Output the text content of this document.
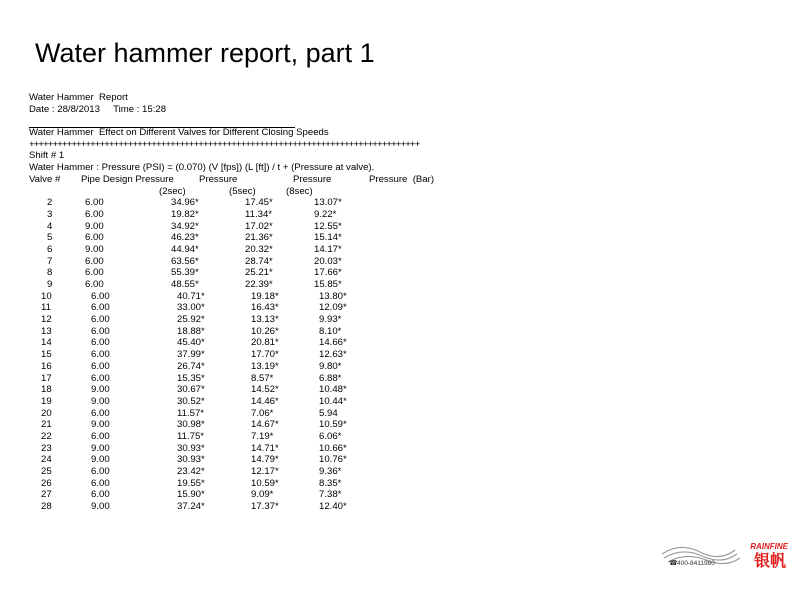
Water hammer report, part 1
Water Hammer  Report
Date : 28/8/2013     Time : 15:28
Water Hammer  Effect on Different Valves for Different Closing Speeds
+++++++++++++++++++++++++++++++++++++++++++++++++++++++++++++++++++++++++++++++++++
Shift # 1
Water Hammer : Pressure (PSI) = (0.070) (V [fps]) (L [ft]) / t + (Pressure at valve).
Valve # Pipe Design Pressure	Pressure	Pressure	Pressure  (Bar)
(2sec)	(5sec)	(8sec)
2	6.00	34.96*	17.45*	13.07*
3	6.00	19.82*	11.34*	9.22*
4	9.00	34.92*	17.02*	12.55*
5	6.00	46.23*	21.36*	15.14*
6	9.00	44.94*	20.32*	14.17*
7	6.00	63.56*	28.74*	20.03*
8	6.00	55.39*	25.21*	17.66*
9	6.00	48.55*	22.39*	15.85*
10	6.00	40.71*	19.18*	13.80*
11	6.00	33.00*	16.43*	12.09*
12	6.00	25.92*	13.13*	9.93*
13	6.00	18.88*	10.26*	8.10*
14	6.00	45.40*	20.81*	14.66*
15	6.00	37.99*	17.70*	12.63*
16	6.00	26.74*	13.19*	9.80*
17	6.00	15.35*	8.57*	6.88*
18	9.00	30.67*	14.52*	10.48*
19	9.00	30.52*	14.46*	10.44*
20	6.00	11.57*	7.06*	5.94
21	9.00	30.98*	14.67*	10.59*
22	6.00	11.75*	7.19*	6.06*
23	9.00	30.93*	14.71*	10.66*
24	9.00	30.93*	14.79*	10.76*
25	6.00	23.42*	12.17*	9.36*
26	6.00	19.55*	10.59*	8.35*
27	6.00	15.90*	9.09*	7.38*
28	9.00	37.24*	17.37*	12.40*
RAINFINE
银帆
☎ 400-8411980
